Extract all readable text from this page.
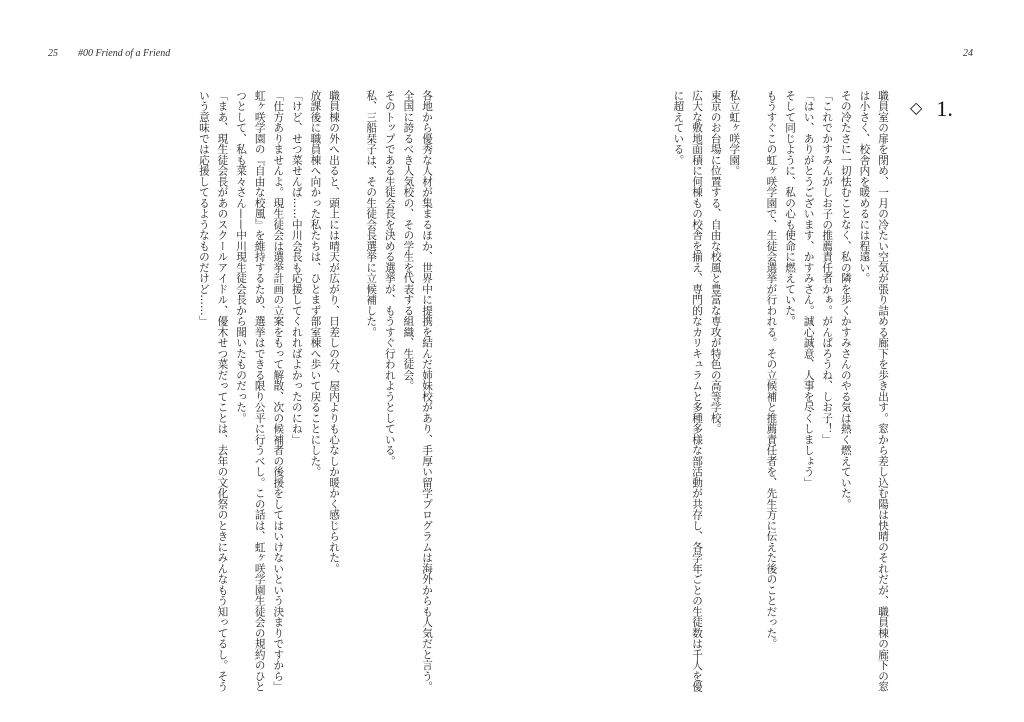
25 #00 Friend of a Friend	24
◇ 1.

職員室の扉を閉め、一月の冷たい空気が張り詰める廊下を歩き出す。窓から差し込む陽は快晴のそれだが、職員棟の廊下の窓は小さく、校舎内を暖めるには程遠い。

その冷たさに一切怯むことなく、私の隣を歩くかすみさんのやる気は熱く燃えていた。

「これでかすみんがしお子の推薦責任者かぁ。がんばろうね、しお子！」

「はい、ありがとうございます、かすみさん。誠心誠意、人事を尽くしましょう」

そして同じように、私の心も使命に燃えていた。

もうすぐこの虹ヶ咲学園で、生徒会選挙が行われる。その立候補と推薦責任者を、先生方に伝えた後のことだった。

私立虹ヶ咲学園。

東京のお台場に位置する、自由な校風と豊富な専攻が特色の高等学校。

広大な敷地面積に何棟もの校舎を揃え、専門的なカリキュラムと多種多様な部活動が共存し、各学年ごとの生徒数は千人を優に超えている。

各地から優秀な人材が集まるほか、世界中に提携を結んだ姉妹校があり、手厚い留学プログラムは海外からも人気だと言う。

全国に誇るべき人気校の、その学生を代表する組織、生徒会。

そのトップである生徒会長を決める選挙が、もうすぐ行われようとしている。

私、三船栞子は、その生徒会長選挙に立候補した。

職員棟の外へ出ると、頭上には晴天が広がり、日差しの分、屋内よりも心なしか暖かく感じられた。

放課後に職員棟へ向かった私たちは、ひとまず部室棟へ歩いて戻ることにした。

「けど、せつ菜せんぱ……中川会長も応援してくれればよかったのにね」

「仕方ありませんよ。現生徒会は選挙計画の立案をもって解散、次の候補者の後援をしてはいけないという決まりですから」

虹ヶ咲学園の『自由な校風』を維持するため、選挙はできる限り公平に行うべし。この話は、虹ヶ咲学園生徒会の規約のひとつとして、私も菜々さん——中川現生徒会長から聞いたものだった。

「まあ、現生徒会長があのスクールアイドル、優木せつ菜だってことは、去年の文化祭のときにみんなもう知ってるし。そういう意味では応援してるようなものだけど……」
